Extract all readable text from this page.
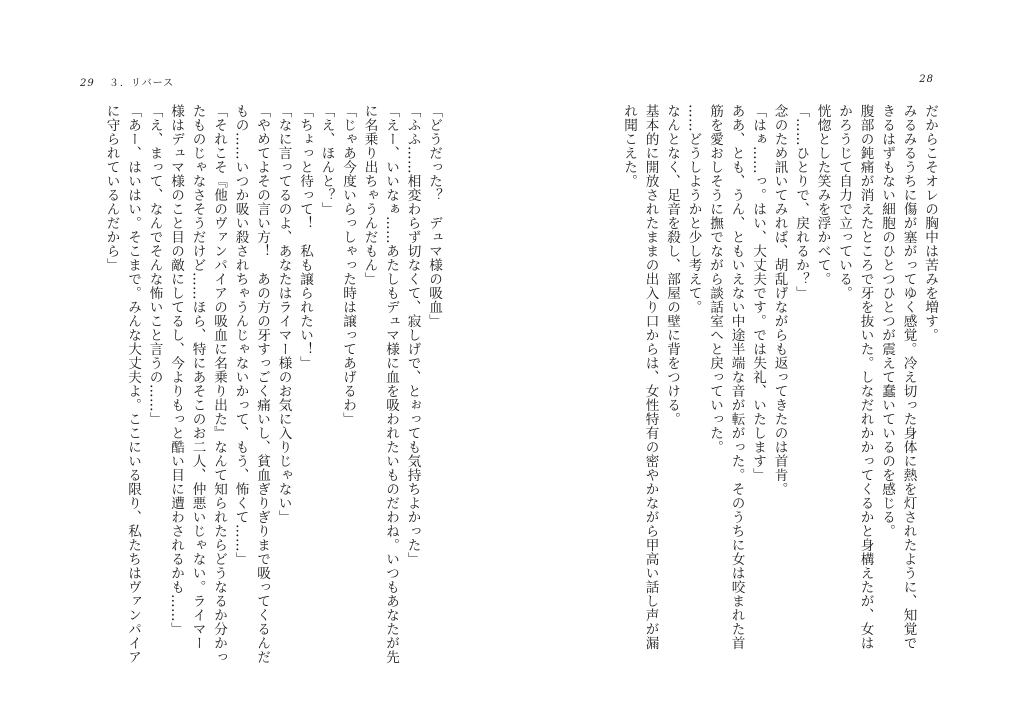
29 ３．リバース	28
「どうだった？　デュマ様の吸血」
「ふふ……相変わらず切なくて、寂しげで、とぉっても気持ちよかった」
「えー、いいなぁ……あたしもデュマ様に血を吸われたいものだわね。いつもあなたが先
に名乗り出ちゃうんだもん」
「じゃあ今度いらっしゃった時は譲ってあげるわ」
「え、ほんと？」
「ちょっと待って！　私も譲られたい！」
「なに言ってるのよ、あなたはライマー様のお気に入りじゃない」
「やめてよその言い方！　あの方の牙すっごく痛いし、貧血ぎりぎりまで吸ってくるんだ
もの……いつか吸い殺されちゃうんじゃないかって、もう、怖くて……」
「それこそ『他のヴァンパイアの吸血に名乗り出た』なんて知られたらどうなるか分かっ
たものじゃなさそうだけど……ほら、特にあそこのお二人、仲悪いじゃない。ライマー
様はデュマ様のこと目の敵にしてるし、今よりもっと酷い目に遭わされるかも……」
「え、まって、なんでそんな怖いこと言うの……」
「あー、はいはい。そこまで。みんな大丈夫よ。ここにいる限り、私たちはヴァンパイア
に守られているんだから」	だからこそオレの胸中は苦みを増す。
みるみるうちに傷が塞がってゆく感覚。冷え切った身体に熱を灯されたように、知覚で
きるはずもない細胞のひとつひとつが震えて蠢いているのを感じる。
腹部の鈍痛が消えたところで牙を抜いた。しなだれかかってくるかと身構えたが、女は
かろうじて自力で立っている。
恍惚とした笑みを浮かべて。
「……ひとりで、戻れるか？」
念のため訊いてみれば、胡乱げながらも返ってきたのは首肯。
「はぁ……っ。はい、大丈夫です。では失礼、いたします」
ああ、とも、うん、ともいえない中途半端な音が転がった。そのうちに女は咬まれた首
筋を愛おしそうに撫でながら談話室へと戻っていった。
……どうしようかと少し考えて。
なんとなく、足音を殺し、部屋の壁に背をつける。
基本的に開放されたままの出入り口からは、女性特有の密やかながら甲高い話し声が漏
れ聞こえた。
